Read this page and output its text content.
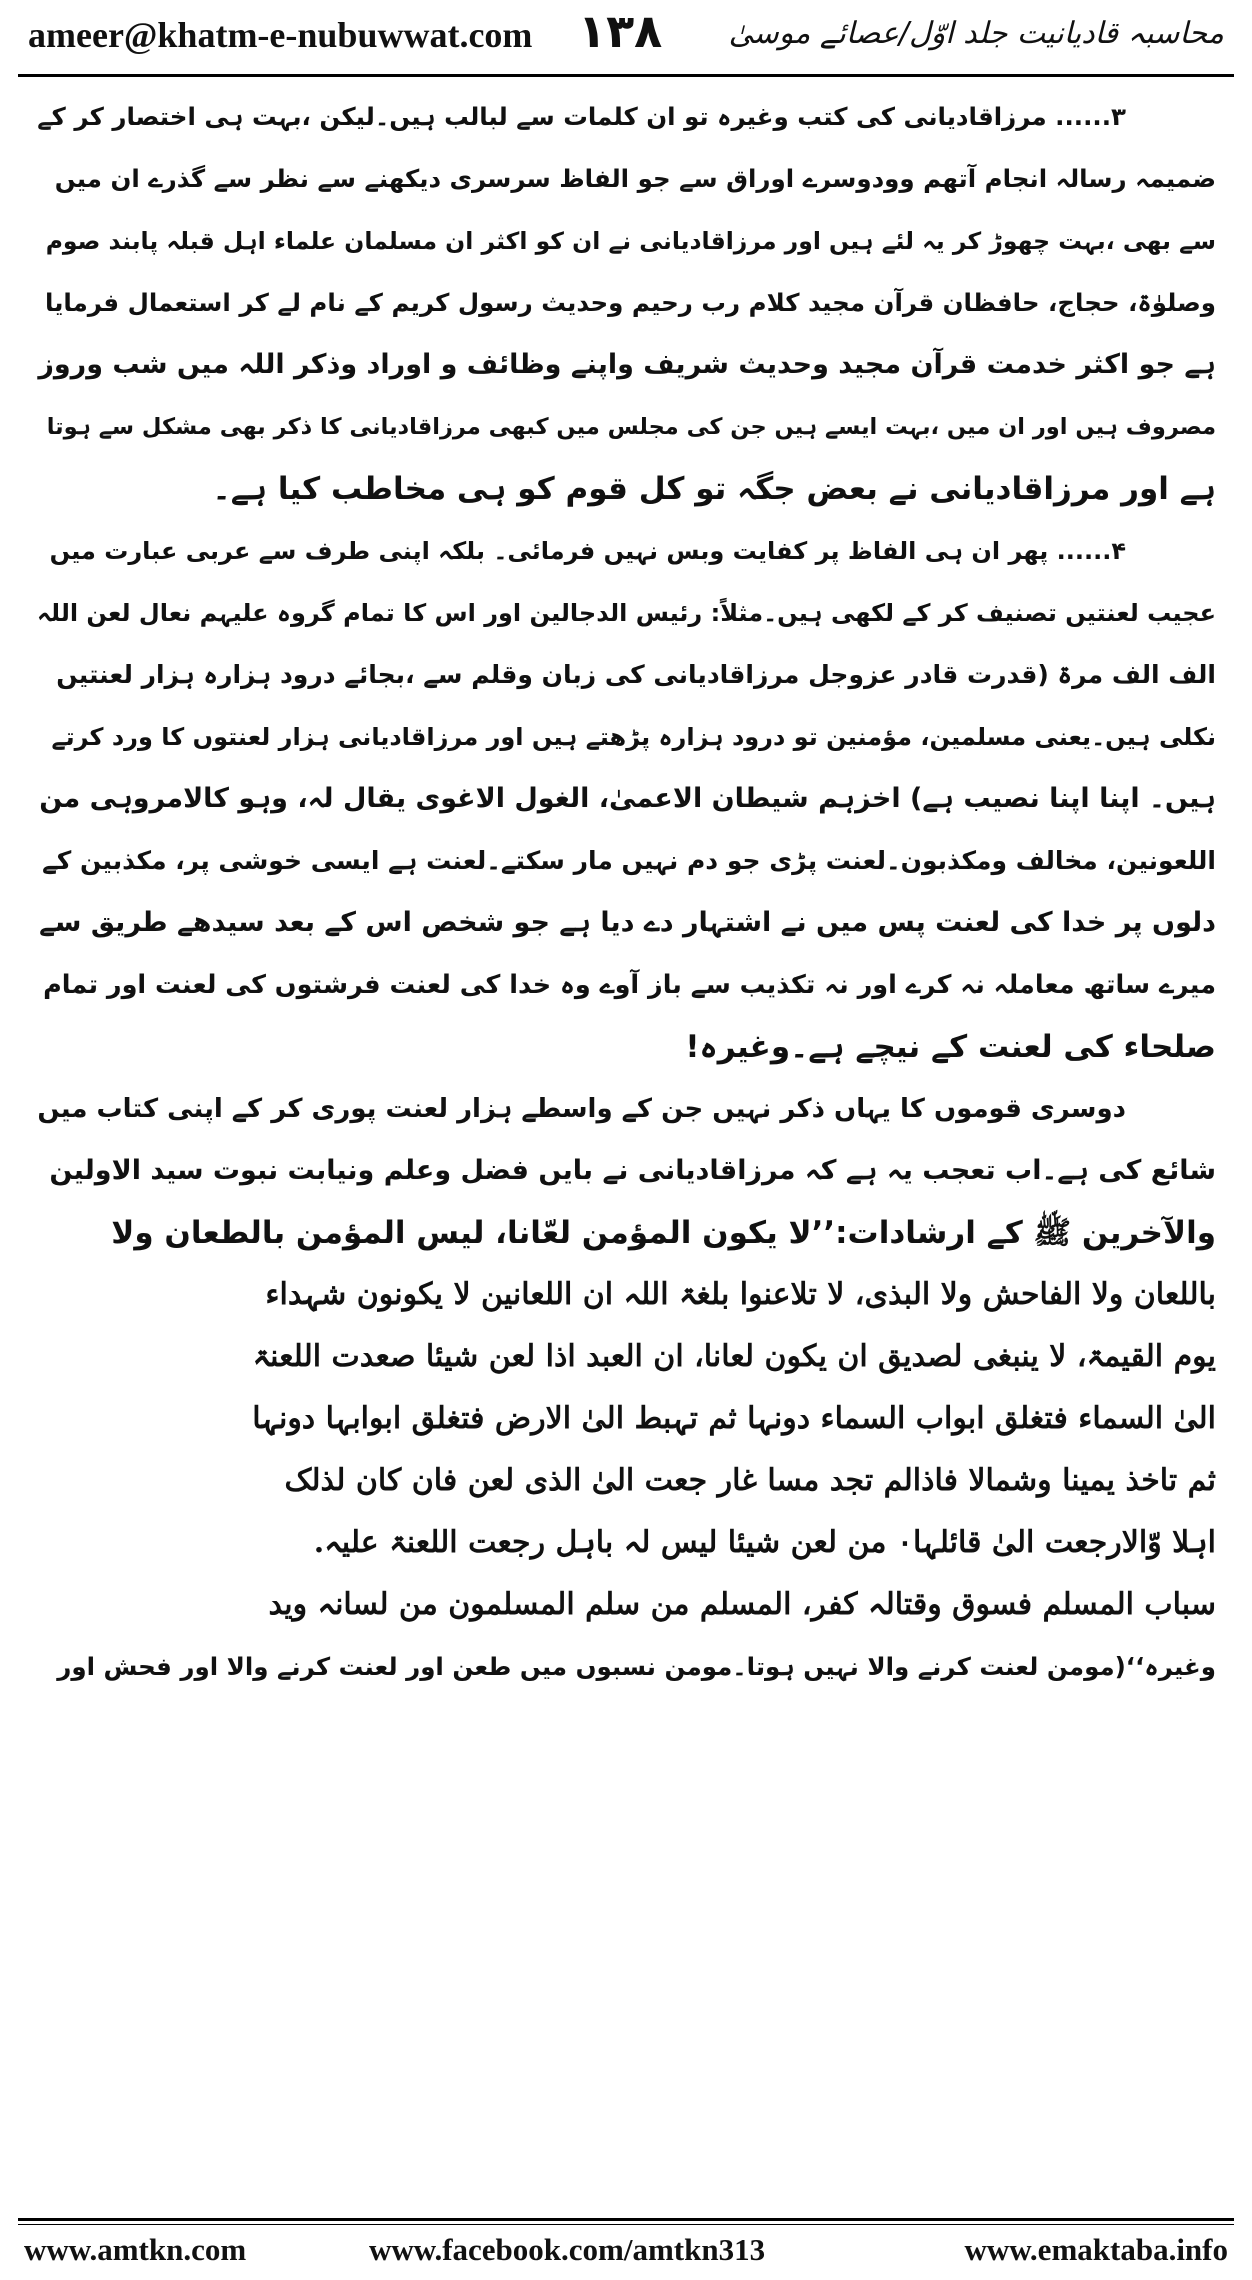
ameer@khatm-e-nubuwwat.com ۱۳۸ محاسبہ قادیانیت جلد اوّل/عصائے موسیٰ
۳...... مرزاقادیانی کی کتب وغیرہ تو ان کلمات سے لبالب ہیں۔لیکن ،بہت ہی اختصار کر کے
ضمیمہ رسالہ انجام آتھم وودوسرے اوراق سے جو الفاظ سرسری دیکھنے سے نظر سے گذرے ان میں
سے بھی ،بہت چھوڑ کر یہ لئے ہیں اور مرزاقادیانی نے ان کو اکثر ان مسلمان علماء اہل قبلہ پابند صوم
وصلوٰۃ، حجاج، حافظان قرآن مجید کلام رب رحیم وحدیث رسول کریم کے نام لے کر استعمال فرمایا
ہے جو اکثر خدمت قرآن مجید وحدیث شریف واپنے وظائف و اوراد وذکر اللہ میں شب وروز
مصروف ہیں اور ان میں ،بہت ایسے ہیں جن کی مجلس میں کبھی مرزاقادیانی کا ذکر بھی مشکل سے ہوتا
ہے اور مرزاقادیانی نے بعض جگہ تو کل قوم کو ہی مخاطب کیا ہے۔
۴...... پھر ان ہی الفاظ پر کفایت وبس نہیں فرمائی۔ بلکہ اپنی طرف سے عربی عبارت میں
عجیب لعنتیں تصنیف کر کے لکھی ہیں۔مثلاً: رئیس الدجالین اور اس کا تمام گروہ علیہم نعال لعن اللہ
الف الف مرۃ (قدرت قادر عزوجل مرزاقادیانی کی زبان وقلم سے ،بجائے درود ہزارہ ہزار لعنتیں
نکلی ہیں۔یعنی مسلمین، مؤمنین تو درود ہزارہ پڑھتے ہیں اور مرزاقادیانی ہزار لعنتوں کا ورد کرتے
ہیں۔ اپنا اپنا نصیب ہے) اخزہم شیطان الاعمیٰ، الغول الاغوی یقال لہ، وہو کالامروہی من
اللعونین، مخالف ومکذبون۔لعنت پڑی جو دم نہیں مار سکتے۔لعنت ہے ایسی خوشی پر، مکذبین کے
دلوں پر خدا کی لعنت پس میں نے اشتہار دے دیا ہے جو شخص اس کے بعد سیدھے طریق سے
میرے ساتھ معاملہ نہ کرے اور نہ تکذیب سے باز آوے وہ خدا کی لعنت فرشتوں کی لعنت اور تمام
صلحاء کی لعنت کے نیچے ہے۔وغیرہ!
دوسری قوموں کا یہاں ذکر نہیں جن کے واسطے ہزار لعنت پوری کر کے اپنی کتاب میں
شائع کی ہے۔اب تعجب یہ ہے کہ مرزاقادیانی نے بایں فضل وعلم ونیابت نبوت سید الاولین
والآخرین ﷺ کے ارشادات:’’لا یکون المؤمن لعّانا، لیس المؤمن بالطعان ولا
باللعان ولا الفاحش ولا البذی، لا تلاعنوا بلغۃ اللہ ان اللعانین لا یکونون شہداء
یوم القیمۃ، لا ینبغی لصدیق ان یکون لعانا، ان العبد اذا لعن شیئا صعدت اللعنۃ
الیٰ السماء فتغلق ابواب السماء دونہا ثم تہبط الیٰ الارض فتغلق ابوابہا دونہا
ثم تاخذ یمینا وشمالا فاذالم تجد مسا غار جعت الیٰ الذی لعن فان کان لذلک
اہلا وّالارجعت الیٰ قائلہا۰ من لعن شیئا لیس لہ باہل رجعت اللعنۃ علیہ.
سباب المسلم فسوق وقتالہ کفر، المسلم من سلم المسلمون من لسانہ وید
وغیرہ‘‘(مومن لعنت کرنے والا نہیں ہوتا۔مومن نسبوں میں طعن اور لعنت کرنے والا اور فحش اور
www.amtkn.com	www.facebook.com/amtkn313	www.emaktaba.info
